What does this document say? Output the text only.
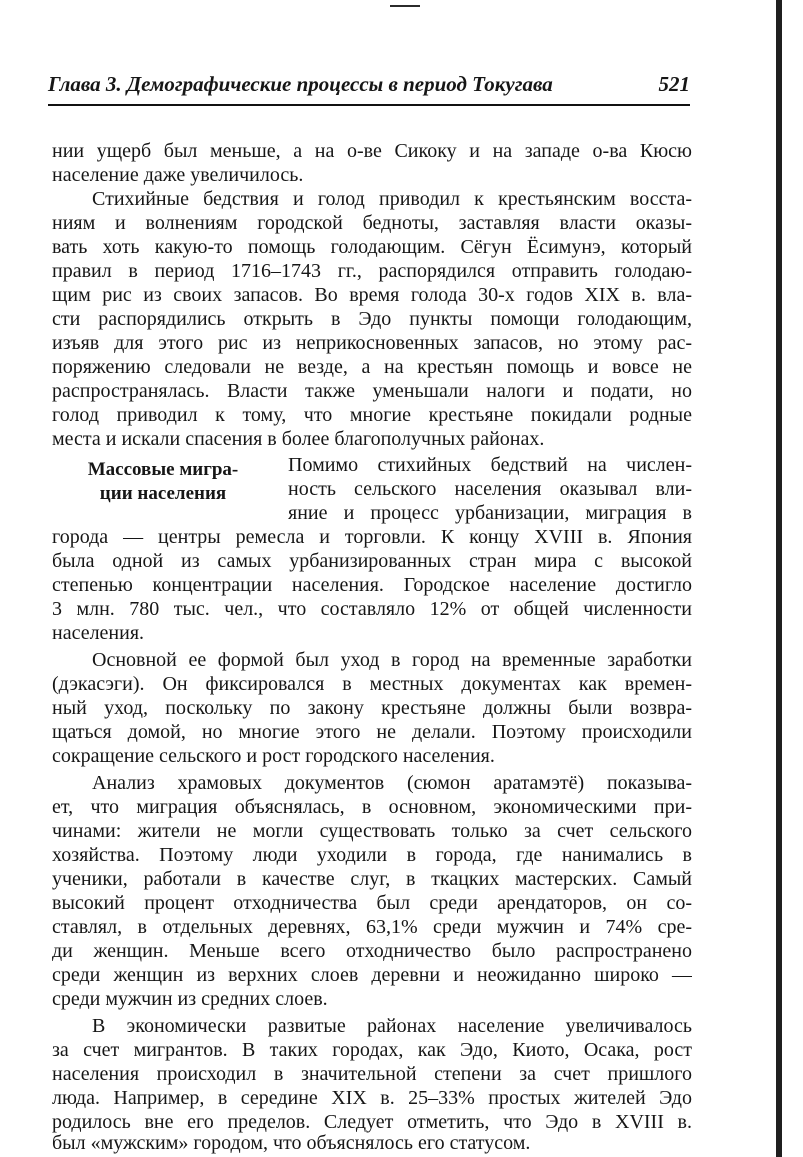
Глава 3. Демографические процессы в период Токугава	521
Массовые мигра-
ции населения
нии ущерб был меньше, а на о-ве Сикоку и на западе о-ва Кюсю
население даже увеличилось.
Стихийные бедствия и голод приводил к крестьянским восста-
ниям и волнениям городской бедноты, заставляя власти оказы-
вать хоть какую-то помощь голодающим. Сёгун Ёсимунэ, который
правил в период 1716–1743 гг., распорядился отправить голодаю-
щим рис из своих запасов. Во время голода 30-х годов XIX в. вла-
сти распорядились открыть в Эдо пункты помощи голодающим,
изъяв для этого рис из неприкосновенных запасов, но этому рас-
поряжению следовали не везде, а на крестьян помощь и вовсе не
распространялась. Власти также уменьшали налоги и подати, но
голод приводил к тому, что многие крестьяне покидали родные
места и искали спасения в более благополучных районах.
Помимо стихийных бедствий на числен-
ность сельского населения оказывал вли-
яние и процесс урбанизации, миграция в
города — центры ремесла и торговли. К концу XVIII в. Япония
была одной из самых урбанизированных стран мира с высокой
степенью концентрации населения. Городское население достигло
3 млн. 780 тыс. чел., что составляло 12% от общей численности
населения.
Основной ее формой был уход в город на временные заработки
(дэкасэги). Он фиксировался в местных документах как времен-
ный уход, поскольку по закону крестьяне должны были возвра-
щаться домой, но многие этого не делали. Поэтому происходили
сокращение сельского и рост городского населения.
Анализ храмовых документов (сюмон аратамэтё) показыва-
ет, что миграция объяснялась, в основном, экономическими при-
чинами: жители не могли существовать только за счет сельского
хозяйства. Поэтому люди уходили в города, где нанимались в
ученики, работали в качестве слуг, в ткацких мастерских. Самый
высокий процент отходничества был среди арендаторов, он со-
ставлял, в отдельных деревнях, 63,1% среди мужчин и 74% сре-
ди женщин. Меньше всего отходничество было распространено
среди женщин из верхних слоев деревни и неожиданно широко —
среди мужчин из средних слоев.
В экономически развитые районах население увеличивалось
за счет мигрантов. В таких городах, как Эдо, Киото, Осака, рост
населения происходил в значительной степени за счет пришлого
люда. Например, в середине XIX в. 25–33% простых жителей Эдо
родилось вне его пределов. Следует отметить, что Эдо в XVIII в.
был «мужским» городом, что объяснялось его статусом.
